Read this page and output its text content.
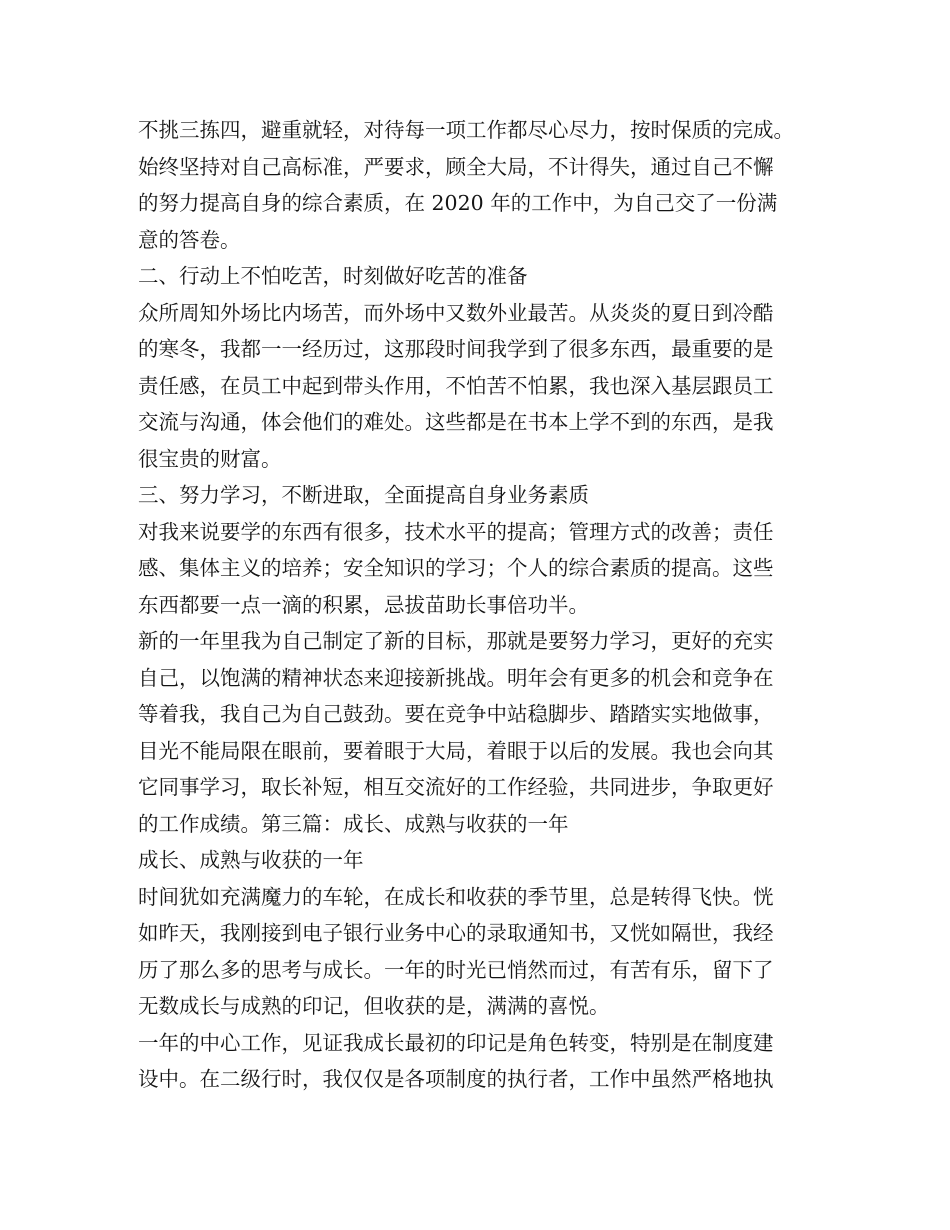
不挑三拣四，避重就轻，对待每一项工作都尽心尽力，按时保质的完成。
始终坚持对自己高标准，严要求，顾全大局，不计得失，通过自己不懈
的努力提高自身的综合素质，在 2020 年的工作中，为自己交了一份满
意的答卷。
二、行动上不怕吃苦，时刻做好吃苦的准备
众所周知外场比内场苦，而外场中又数外业最苦。从炎炎的夏日到冷酷
的寒冬，我都一一经历过，这那段时间我学到了很多东西，最重要的是
责任感，在员工中起到带头作用，不怕苦不怕累，我也深入基层跟员工
交流与沟通，体会他们的难处。这些都是在书本上学不到的东西，是我
很宝贵的财富。
三、努力学习，不断进取，全面提高自身业务素质
对我来说要学的东西有很多，技术水平的提高；管理方式的改善；责任
感、集体主义的培养；安全知识的学习；个人的综合素质的提高。这些
东西都要一点一滴的积累，忌拔苗助长事倍功半。
新的一年里我为自己制定了新的目标，那就是要努力学习，更好的充实
自己，以饱满的精神状态来迎接新挑战。明年会有更多的机会和竞争在
等着我，我自己为自己鼓劲。要在竞争中站稳脚步、踏踏实实地做事，
目光不能局限在眼前，要着眼于大局，着眼于以后的发展。我也会向其
它同事学习，取长补短，相互交流好的工作经验，共同进步，争取更好
的工作成绩。第三篇：成长、成熟与收获的一年
成长、成熟与收获的一年
时间犹如充满魔力的车轮，在成长和收获的季节里，总是转得飞快。恍
如昨天，我刚接到电子银行业务中心的录取通知书，又恍如隔世，我经
历了那么多的思考与成长。一年的时光已悄然而过，有苦有乐，留下了
无数成长与成熟的印记，但收获的是，满满的喜悦。
一年的中心工作，见证我成长最初的印记是角色转变，特别是在制度建
设中。在二级行时，我仅仅是各项制度的执行者，工作中虽然严格地执
